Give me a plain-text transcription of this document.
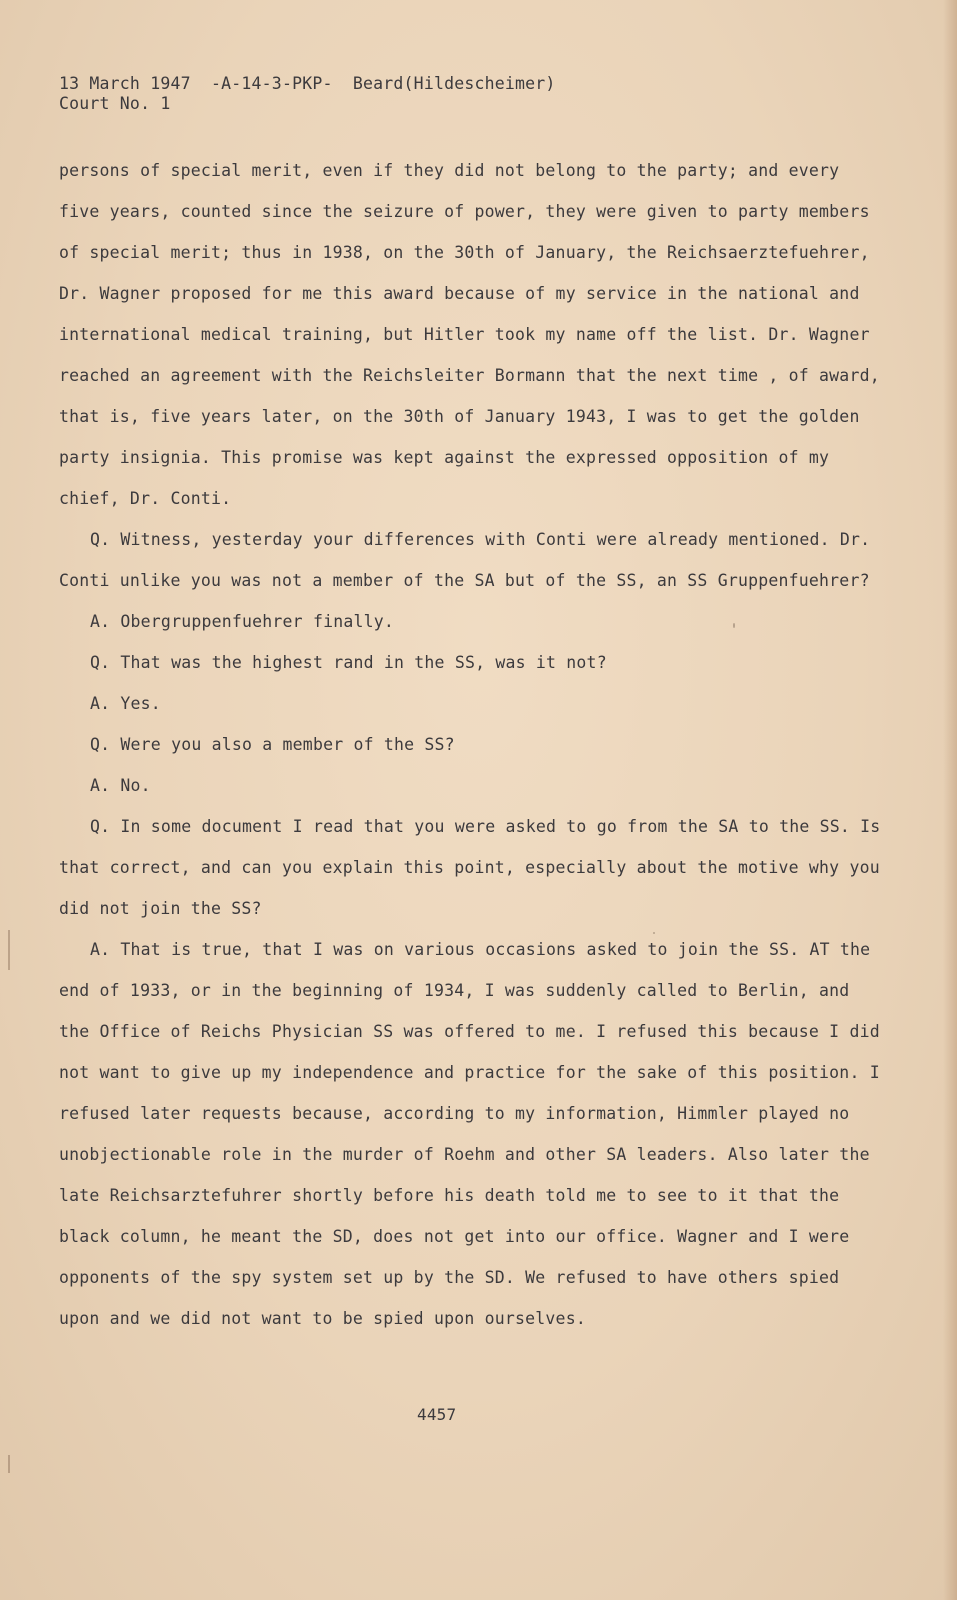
13 March 1947  -A-14-3-PKP-  Beard(Hildescheimer)
Court No. 1

persons of special merit, even if they did not belong to the party; and every five years, counted since the seizure of power, they were given to party members of special merit; thus in 1938, on the 30th of January, the Reichsaerztefuehrer, Dr. Wagner proposed for me this award because of my service in the national and international medical training, but Hitler took my name off the list. Dr. Wagner reached an agreement with the Reichsleiter Bormann that the next time , of award, that is, five years later, on the 30th of January 1943, I was to get the golden party insignia. This promise was kept against the expressed opposition of my chief, Dr. Conti.

Q. Witness, yesterday your differences with Conti were already mentioned. Dr. Conti unlike you was not a member of the SA but of the SS, an SS Gruppenfuehrer?

A. Obergruppenfuehrer finally.

Q. That was the highest rand in the SS, was it not?

A. Yes.

Q. Were you also a member of the SS?

A. No.

Q. In some document I read that you were asked to go from the SA to the SS. Is that correct, and can you explain this point, especially about the motive why you did not join the SS?

A. That is true, that I was on various occasions asked to join the SS. AT the end of 1933, or in the beginning of 1934, I was suddenly called to Berlin, and the Office of Reichs Physician SS was offered to me. I refused this because I did not want to give up my independence and practice for the sake of this position. I refused later requests because, according to my information, Himmler played no unobjectionable role in the murder of Roehm and other SA leaders. Also later the late Reichsarztefuhrer shortly before his death told me to see to it that the black column, he meant the SD, does not get into our office. Wagner and I were opponents of the spy system set up by the SD. We refused to have others spied upon and we did not want to be spied upon ourselves.

4457
